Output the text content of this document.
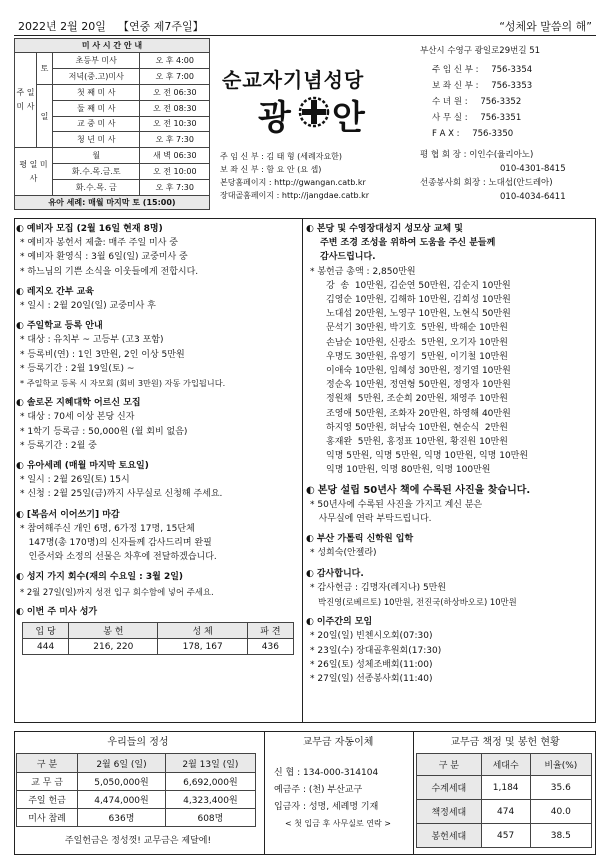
2022년 2월 20일 【연중 제7주일】	“성체와 말씀의 해”
미 사 시 간 안 내			
주 일 미 사	토	초등부 미사	오 후 4:00
		저녁(중.고)미사	오 후 7:00
	일	첫 째 미 사	오 전 06:30
		둘 째 미 사	오 전 08:30
		교 중 미 사	오 전 10:30
		청 년 미 사	오 후 7:30
평 일 미 사		월	새 벽 06:30
		화.수.목.금.토	오 전 10:00
		화.수.목. 금	오 후 7:30
유아 세례: 매월 마지막 토 (15:00)			
순교자기념성당
광 안
주 임 신 부 : 김 태 형 (세례자요한)
보 좌 신 부 : 함 요 안 (요 셉)
본당홈페이지 : http://gwangan.catb.kr
장대골홈페이지 : http://jangdae.catb.kr
부산시 수영구 광일로29번길 51
주 임 신 부 : 756-3354
보 좌 신 부 : 756-3353
수 녀 원 : 756-3352
사 무 실 : 756-3351
F A X : 756-3350
평 협 회 장 : 이인수(율리아노)
010-4301-8415
선종봉사회 회장 : 노대섭(안드레아)
010-4034-6411
◐ 예비자 모집 (2월 16일 현재 8명)
* 예비자 봉헌서 제출: 매주 주일 미사 중
* 예비자 환영식 : 3월 6일(일) 교중미사 중
* 하느님의 기쁜 소식을 이웃들에게 전합시다.
◐ 레지오 간부 교육
* 일시 : 2월 20일(일) 교중미사 후
◐ 주일학교 등록 안내
* 대상 : 유치부 ~ 고등부 (고3 포함)
* 등록비(연) : 1인 3만원, 2인 이상 5만원
* 등록기간 : 2월 19일(토) ~
* 주일학교 등록 시 자모회 (회비 3만원) 자동 가입됩니다.
◐ 솔로몬 지혜대학 어르신 모집
* 대상 : 70세 이상 본당 신자
* 1학기 등록금 : 50,000원 (월 회비 없음)
* 등록기간 : 2월 중
◐ 유아세례 (매월 마지막 토요일)
* 일시 : 2월 26일(토) 15시
* 신청 : 2월 25일(금)까지 사무실로 신청해 주세요.
◐ [복음서 이어쓰기] 마감
* 참여해주신 개인 6명, 6가정 17명, 15단체
147명(총 170명)의 신자들께 감사드리며 완필
인증서와 소정의 선물은 차후에 전달하겠습니다.
◐ 성지 가지 회수(재의 수요일 : 3월 2일)
* 2월 27일(일)까지 성전 입구 회수함에 넣어 주세요.
◐ 이번 주 미사 성가
입 당	봉 헌	성 체	파 견
444	216, 220	178, 167	436
◐ 본당 및 수영장대성지 성모상 교체 및
주변 조경 조성을 위하여 도움을 주신 분들께
감사드립니다.
* 봉헌금 총액 : 2,850만원
강  송  10만원, 김순연 50만원, 김순지 10만원
김영순 10만원, 김해하 10만원, 김희성 10만원
노대섭 20만원, 노영구 10만원, 노현식 50만원
문석기 30만원, 박기호  5만원, 박해순 10만원
손남순 10만원, 신광소  5만원, 오기자 10만원
우명도 30만원, 유영기  5만원, 이기철 10만원
이애숙 10만원, 임혜성 30만원, 정기열 10만원
정순옥 10만원, 정연형 50만원, 정영자 10만원
정원채  5만원, 조순희 20만원, 채영주 10만원
조영애 50만원, 조화자 20만원, 하영해 40만원
하지영 50만원, 허남숙 10만원, 현순식  2만원
홍재완  5만원, 홍정표 10만원, 황진원 10만원
익명 5만원, 익명 5만원, 익명 10만원, 익명 10만원
익명 10만원, 익명 80만원, 익명 100만원
◐ 본당 설립 50년사 책에 수록된 사진을 찾습니다.
* 50년사에 수록된 사진을 가지고 계신 분은
사무실에 연락 부탁드립니다.
◐ 부산 가톨릭 신학원 입학
* 성희숙(안젤라)
◐ 감사합니다.
* 감사헌금 : 김명자(레지나) 5만원
박진영(로베르토) 10만원, 전진국(하상바오로) 10만원
◐ 이주간의 모임
* 20일(일) 빈첸시오회(07:30)
* 23일(수) 장대골후원회(17:30)
* 26일(토) 성체조배회(11:00)
* 27일(일) 선종봉사회(11:40)
우리들의 정성
구 분	2월 6일 (일)	2월 13일 (일)
교 무 금	5,050,000원	6,692,000원
주일 헌금	4,474,000원	4,323,400원
미사 참례	636명	608명
주일헌금은 정성껏! 교무금은 제달에!
교무금 자동이체
신 협 : 134-000-314104
예금주 : (천) 부산교구
입금자 : 성명, 세례명 기재
< 첫 입금 후 사무실로 연락 >
교무금 책정 및 봉헌 현황
구 분	세대수	비율(%)
수계세대	1,184	35.6
책정세대	474	40.0
봉헌세대	457	38.5
